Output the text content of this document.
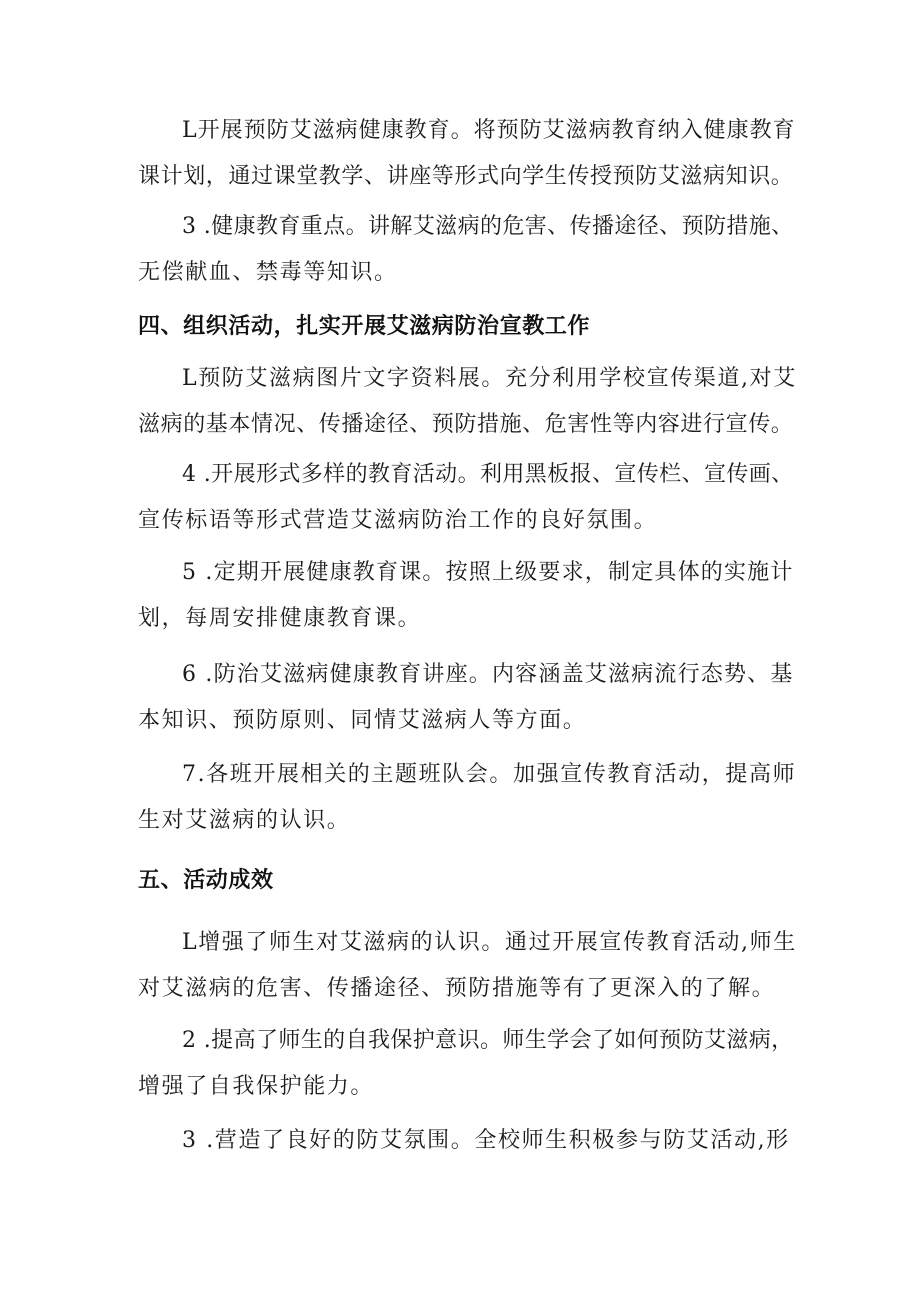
L开展预防艾滋病健康教育。将预防艾滋病教育纳入健康教育
课计划，通过课堂教学、讲座等形式向学生传授预防艾滋病知识。
3 .健康教育重点。讲解艾滋病的危害、传播途径、预防措施、
无偿献血、禁毒等知识。
四、组织活动，扎实开展艾滋病防治宣教工作
L预防艾滋病图片文字资料展。充分利用学校宣传渠道,对艾
滋病的基本情况、传播途径、预防措施、危害性等内容进行宣传。
4 .开展形式多样的教育活动。利用黑板报、宣传栏、宣传画、
宣传标语等形式营造艾滋病防治工作的良好氛围。
5 .定期开展健康教育课。按照上级要求，制定具体的实施计
划，每周安排健康教育课。
6 .防治艾滋病健康教育讲座。内容涵盖艾滋病流行态势、基
本知识、预防原则、同情艾滋病人等方面。
7.各班开展相关的主题班队会。加强宣传教育活动，提高师
生对艾滋病的认识。
五、活动成效
L增强了师生对艾滋病的认识。通过开展宣传教育活动,师生
对艾滋病的危害、传播途径、预防措施等有了更深入的了解。
2 .提高了师生的自我保护意识。师生学会了如何预防艾滋病，
增强了自我保护能力。
3 .营造了良好的防艾氛围。全校师生积极参与防艾活动,形
